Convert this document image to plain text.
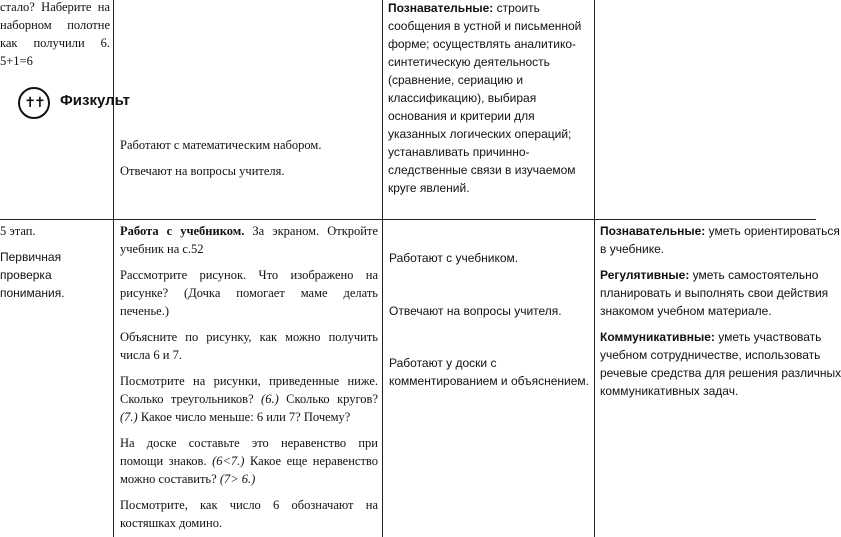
стало? Наберите на

наборном полотне

как получили 6.

5+1=6

✝✝	Физкульт

Работают с математическим набором.

Отвечают на вопросы учителя.

Познавательные: строить

сообщения в устной и письменной

форме; осуществлять аналитико-

синтетическую деятельность

(сравнение, сериацию и

классификацию), выбирая

основания и критерии для

указанных логических операций;

устанавливать причинно-

следственные связи в изучаемом

круге явлений.

5 этап.

Первичная

проверка

понимания.

Работа с учебником. За экраном. Откройте

учебник на с.52

Рассмотрите рисунок. Что изображено на

рисунке? (Дочка помогает маме делать

печенье.)

Объясните по рисунку, как можно получить

числа 6 и 7.

Посмотрите на рисунки, приведенные ниже.

Сколько треугольников? (6.) Сколько кругов?

(7.) Какое число меньше: 6 или 7? Почему?

На доске составьте это неравенство при

помощи знаков. (6<7.) Какое еще неравенство

можно составить? (7> 6.)

Посмотрите, как число 6 обозначают на

костяшках домино.

Работают с учебником.

Отвечают на вопросы учителя.

Работают у доски с

комментированием и объяснением.

Познавательные: уметь ориентироваться

в учебнике.

Регулятивные: уметь самостоятельно

планировать и выполнять свои действия

знакомом учебном материале.

Коммуникативные: уметь участвовать

учебном сотрудничестве, использовать

речевые средства для решения различных

коммуникативных задач.
